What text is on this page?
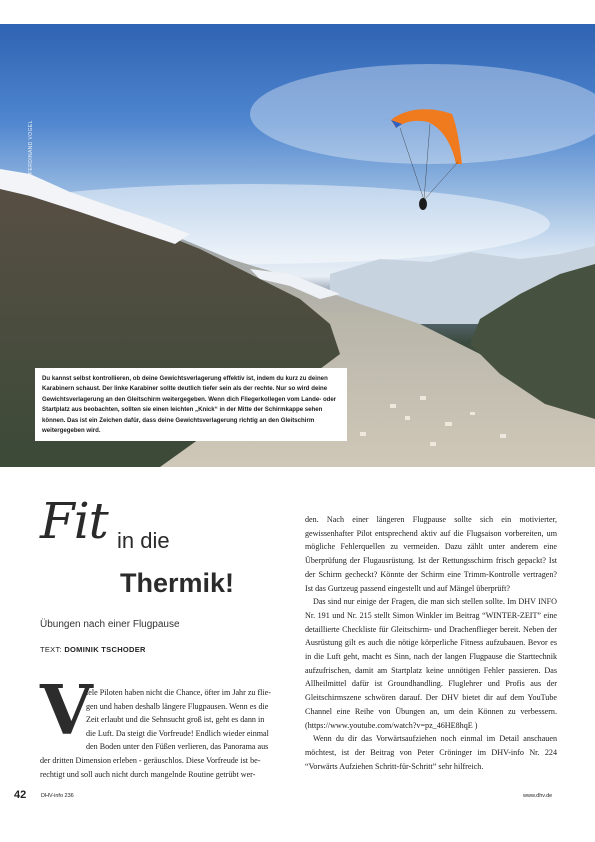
FERDINAND VOGEL
Du kannst selbst kontrollieren, ob deine Gewichtsverlagerung effektiv ist, indem du kurz zu deinen Karabinern schaust. Der linke Karabiner sollte deutlich tiefer sein als der rechte. Nur so wird deine Gewichtsverlagerung an den Gleitschirm weitergegeben. Wenn dich Fliegerkollegen vom Lande- oder Startplatz aus beobachten, sollten sie einen leichten „Knick“ in der Mitte der Schirmkappe sehen können. Das ist ein Zeichen dafür, dass deine Gewichtsverlagerung richtig an den Gleitschirm weitergegeben wird.
Fit in die
Thermik!
Übungen nach einer Flugpause
TEXT: DOMINIK TSCHODER
V
iele Piloten haben nicht die Chance, öfter im Jahr zu flie-
gen und haben deshalb längere Flugpausen. Wenn es die
Zeit erlaubt und die Sehnsucht groß ist, geht es dann in
die Luft. Da steigt die Vorfreude! Endlich wieder einmal
den Boden unter den Füßen verlieren, das Panorama aus
der dritten Dimension erleben - geräuschlos. Diese Vorfreude ist be-
rechtigt und soll auch nicht durch mangelnde Routine getrübt wer-

den. Nach einer längeren Flugpause sollte sich ein motivierter, gewissenhafter Pilot entsprechend aktiv auf die Flugsaison vorbereiten, um mögliche Fehlerquellen zu vermeiden. Dazu zählt unter anderem eine Überprüfung der Flugausrüstung. Ist der Rettungsschirm frisch gepackt? Ist der Schirm gecheckt? Könnte der Schirm eine Trimm-Kontrolle vertragen? Ist das Gurtzeug passend eingestellt und auf Mängel überprüft?

Das sind nur einige der Fragen, die man sich stellen sollte. Im DHV INFO Nr. 191 und Nr. 215 stellt Simon Winkler im Beitrag “WINTER-ZEIT” eine detaillierte Checkliste für Gleitschirm- und Drachenflieger bereit. Neben der Ausrüstung gilt es auch die nötige körperliche Fitness aufzubauen. Bevor es in die Luft geht, macht es Sinn, nach der langen Flugpause die Starttechnik aufzufrischen, damit am Startplatz keine unnötigen Fehler passieren. Das Allheilmittel dafür ist Groundhandling. Fluglehrer und Profis aus der Gleitschirmszene schwören darauf. Der DHV bietet dir auf dem YouTube Channel eine Reihe von Übungen an, um dein Können zu verbessern. (https://www.youtube.com/watch?v=pz_46HE8hqE )

Wenn du dir das Vorwärtsaufziehen noch einmal im Detail anschauen möchtest, ist der Beitrag von Peter Cröninger im DHV-info Nr. 224 “Vorwärts Aufziehen Schritt-für-Schritt” sehr hilfreich.

42	DHV-info 236	www.dhv.de
